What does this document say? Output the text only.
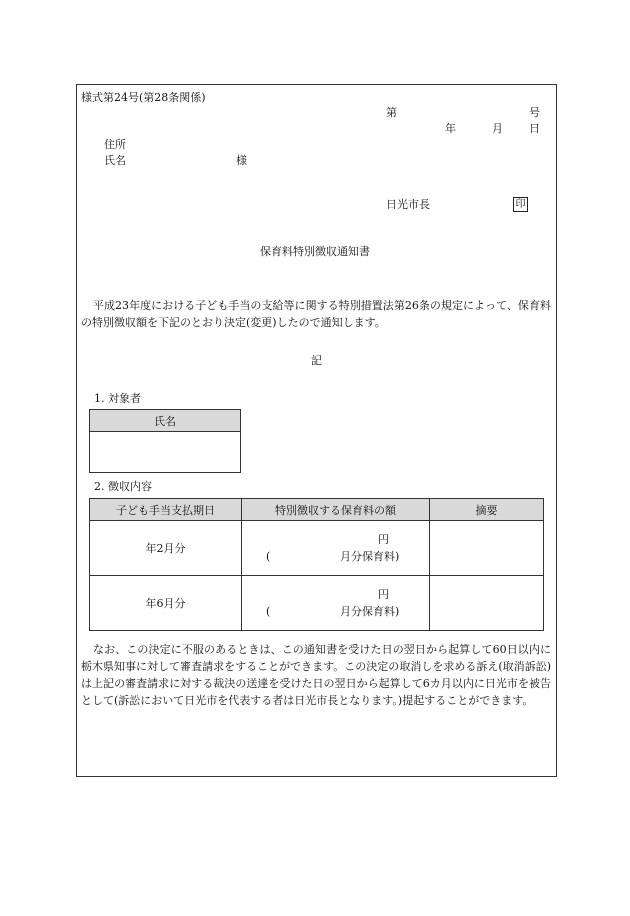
様式第24号(第28条関係)
第	号
年	月 日
住所
氏名	様
日光市長	印
保育料特別徴収通知書
平成23年度における子ども手当の支給等に関する特別措置法第26条の規定によって、保育料の特別徴収額を下記のとおり決定(変更)したので通知します。
記
1. 対象者
氏名

2. 徴収内容
子ども手当支払期日	特別徴収する保育料の額	摘要
年2月分	円
( 月分保育料)	

年6月分	円
( 月分保育料)	

なお、この決定に不服のあるときは、この通知書を受けた日の翌日から起算して60日以内に栃木県知事に対して審査請求をすることができます。この決定の取消しを求める訴え(取消訴訟)は上記の審査請求に対する裁決の送達を受けた日の翌日から起算して6カ月以内に日光市を被告として(訴訟において日光市を代表する者は日光市長となります。)提起することができます。
